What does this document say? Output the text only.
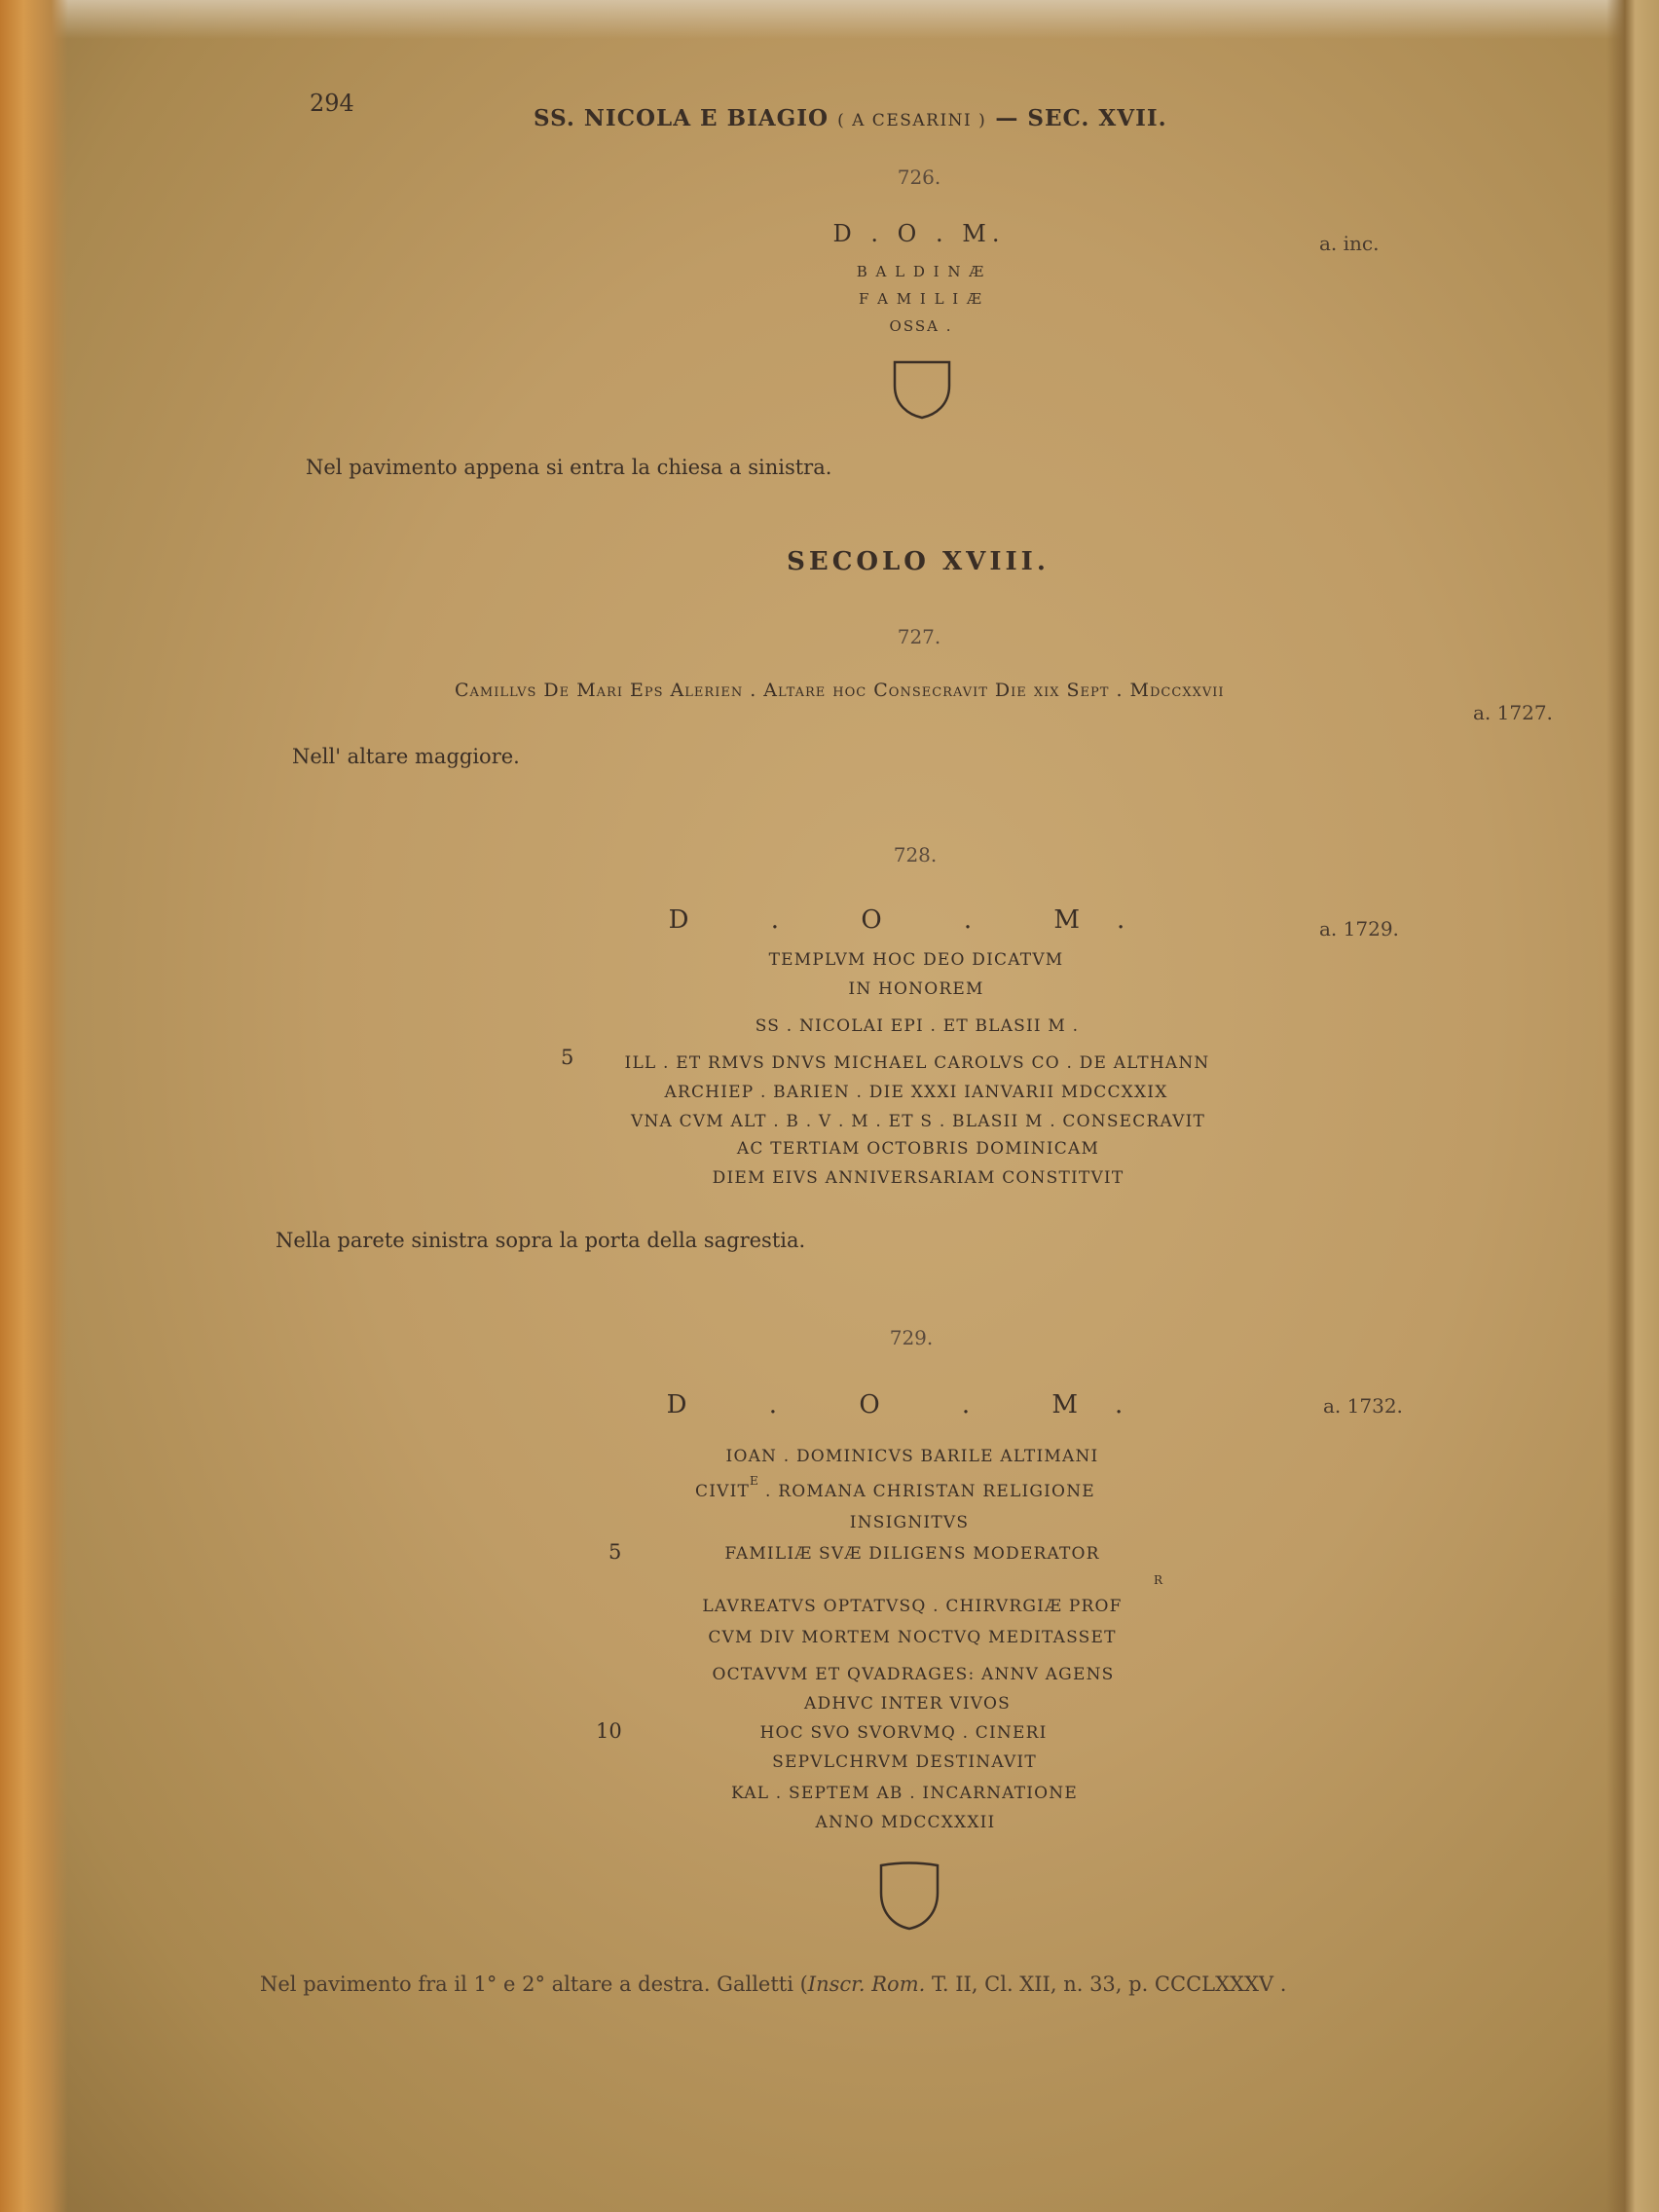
294
SS. NICOLA E BIAGIO ( A CESARINI ) — SEC. XVII.
726.
D . O . M.	a. inc.
B A L D I N Æ
F A M I L I Æ
OSSA .
Nel pavimento appena si entra la chiesa a sinistra.
SECOLO XVIII.
727.
Camillvs De Mari Eps Alerien . Altare hoc Consecravit Die xix Sept . Mdccxxvii
a. 1727.
Nell' altare maggiore.
728.
D . O . M.	a. 1729.
TEMPLVM HOC DEO DICATVM
IN HONOREM
SS . NICOLAI EPI . ET BLASII M .
5	ILL . ET RMVS DNVS MICHAEL CAROLVS CO . DE ALTHANN
ARCHIEP . BARIEN . DIE XXXI IANVARII MDCCXXIX
VNA CVM ALT . B . V . M . ET S . BLASII M . CONSECRAVIT
AC TERTIAM OCTOBRIS DOMINICAM
DIEM EIVS ANNIVERSARIAM CONSTITVIT
Nella parete sinistra sopra la porta della sagrestia.
729.
D . O . M.	a. 1732.
IOAN . DOMINICVS BARILE ALTIMANI
CIVIT
E
. ROMANA CHRISTAN RELIGIONE
INSIGNITVS
5	FAMILIÆ SVÆ DILIGENS MODERATOR
R
LAVREATVS OPTATVSQ . CHIRVRGIÆ PROF
CVM DIV MORTEM NOCTVQ MEDITASSET
OCTAVVM ET QVADRAGES: ANNV AGENS
ADHVC INTER VIVOS
10	HOC SVO SVORVMQ . CINERI
SEPVLCHRVM DESTINAVIT
KAL . SEPTEM AB . INCARNATIONE
ANNO MDCCXXXII
Nel pavimento fra il 1° e 2° altare a destra. Galletti (Inscr. Rom. T. II, Cl. XII, n. 33, p. CCCLXXXV .
